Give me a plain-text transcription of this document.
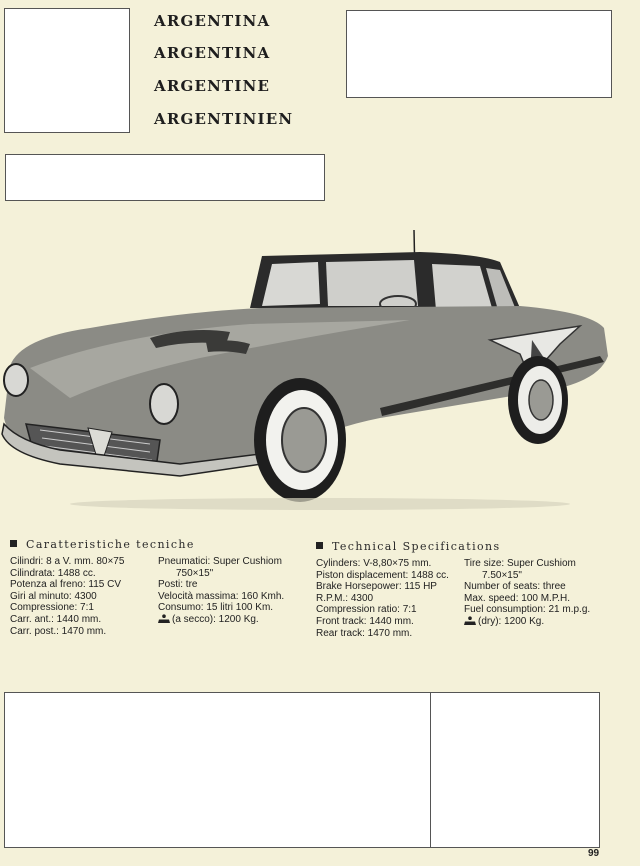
ARGENTINA
ARGENTINA
ARGENTINE
ARGENTINIEN
Caratteristiche tecniche
Cilindri: 8 a V. mm. 80×75
Cilindrata: 1488 cc.
Potenza al freno: 115 CV
Giri al minuto: 4300
Compressione: 7:1
Carr. ant.: 1440 mm.
Carr. post.: 1470 mm.
Pneumatici: Super Cushiom
750×15"
Posti: tre
Velocità massima: 160 Kmh.
Consumo: 15 litri 100 Km.
(a secco): 1200 Kg.
Technical Specifications
Cylinders: V-8,80×75 mm.
Piston displacement: 1488 cc.
Brake Horsepower: 115 HP
R.P.M.: 4300
Compression ratio: 7:1
Front track: 1440 mm.
Rear track: 1470 mm.
Tire size: Super Cushiom
7.50×15"
Number of seats: three
Max. speed: 100 M.P.H.
Fuel consumption: 21 m.p.g.
(dry): 1200 Kg.
99
